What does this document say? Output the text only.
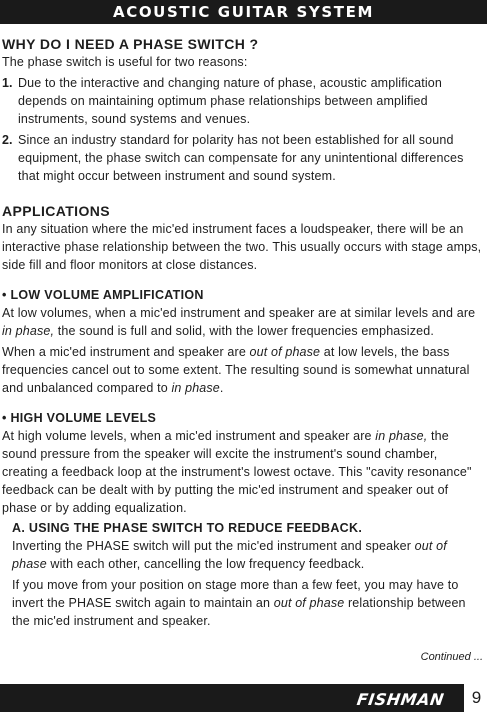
ACOUSTIC GUITAR SYSTEM
WHY DO I NEED A PHASE SWITCH ?

The phase switch is useful for two reasons:

1. Due to the interactive and changing nature of phase, acoustic amplification depends on maintaining optimum phase relationships between amplified instruments, sound systems and venues.
2. Since an industry standard for polarity has not been established for all sound equipment, the phase switch can compensate for any unintentional differences that might occur between instrument and sound system.
APPLICATIONS

In any situation where the mic'ed instrument faces a loudspeaker, there will be an interactive phase relationship between the two. This usually occurs with stage amps, side fill and floor monitors at close distances.

• LOW VOLUME AMPLIFICATION

At low volumes, when a mic'ed instrument and speaker are at similar levels and are in phase, the sound is full and solid, with the lower frequencies emphasized.

When a mic'ed instrument and speaker are out of phase at low levels, the bass frequencies cancel out to some extent. The resulting sound is somewhat unnatural and unbalanced compared to in phase.

• HIGH VOLUME LEVELS

At high volume levels, when a mic'ed instrument and speaker are in phase, the sound pressure from the speaker will excite the instrument's sound chamber, creating a feedback loop at the instrument's lowest octave. This "cavity resonance" feedback can be dealt with by putting the mic'ed instrument and speaker out of phase or by adding equalization.

A. USING THE PHASE SWITCH TO REDUCE FEEDBACK.

Inverting the PHASE switch will put the mic'ed instrument and speaker out of phase with each other, cancelling the low frequency feedback.

If you move from your position on stage more than a few feet, you may have to invert the PHASE switch again to maintain an out of phase relationship between the mic'ed instrument and speaker.

Continued ...
FISHMAN	9
